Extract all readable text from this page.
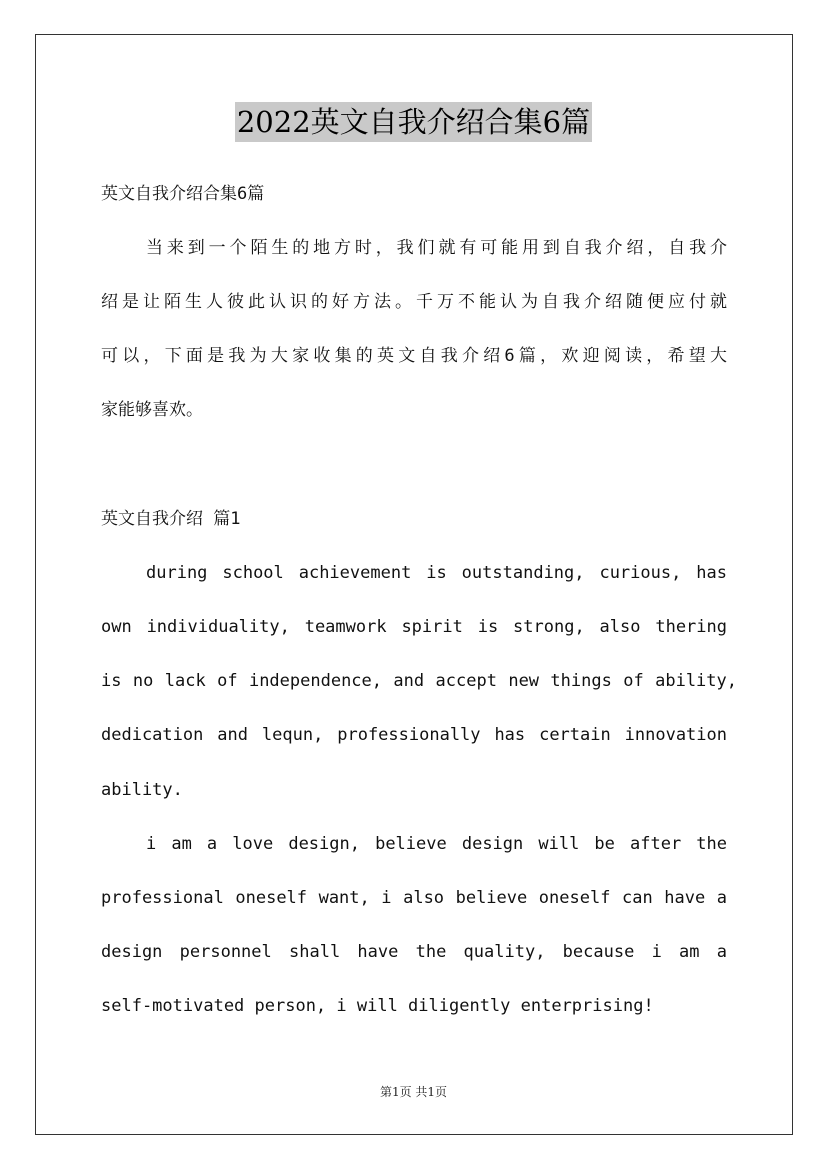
2022英文自我介绍合集6篇
英文自我介绍合集6篇
当来到一个陌生的地方时，我们就有可能用到自我介绍，自我介
绍是让陌生人彼此认识的好方法。千万不能认为自我介绍随便应付就
可以，下面是我为大家收集的英文自我介绍6篇，欢迎阅读，希望大
家能够喜欢。
英文自我介绍 篇1
during school achievement is outstanding, curious, has
own individuality, teamwork spirit is strong, also thering
is no lack of independence, and accept new things of ability,
dedication and lequn, professionally has certain innovation
ability.
i am a love design, believe design will be after the
professional oneself want, i also believe oneself can have a
design personnel shall have the quality, because i am a
self-motivated person, i will diligently enterprising!
第1页 共1页
